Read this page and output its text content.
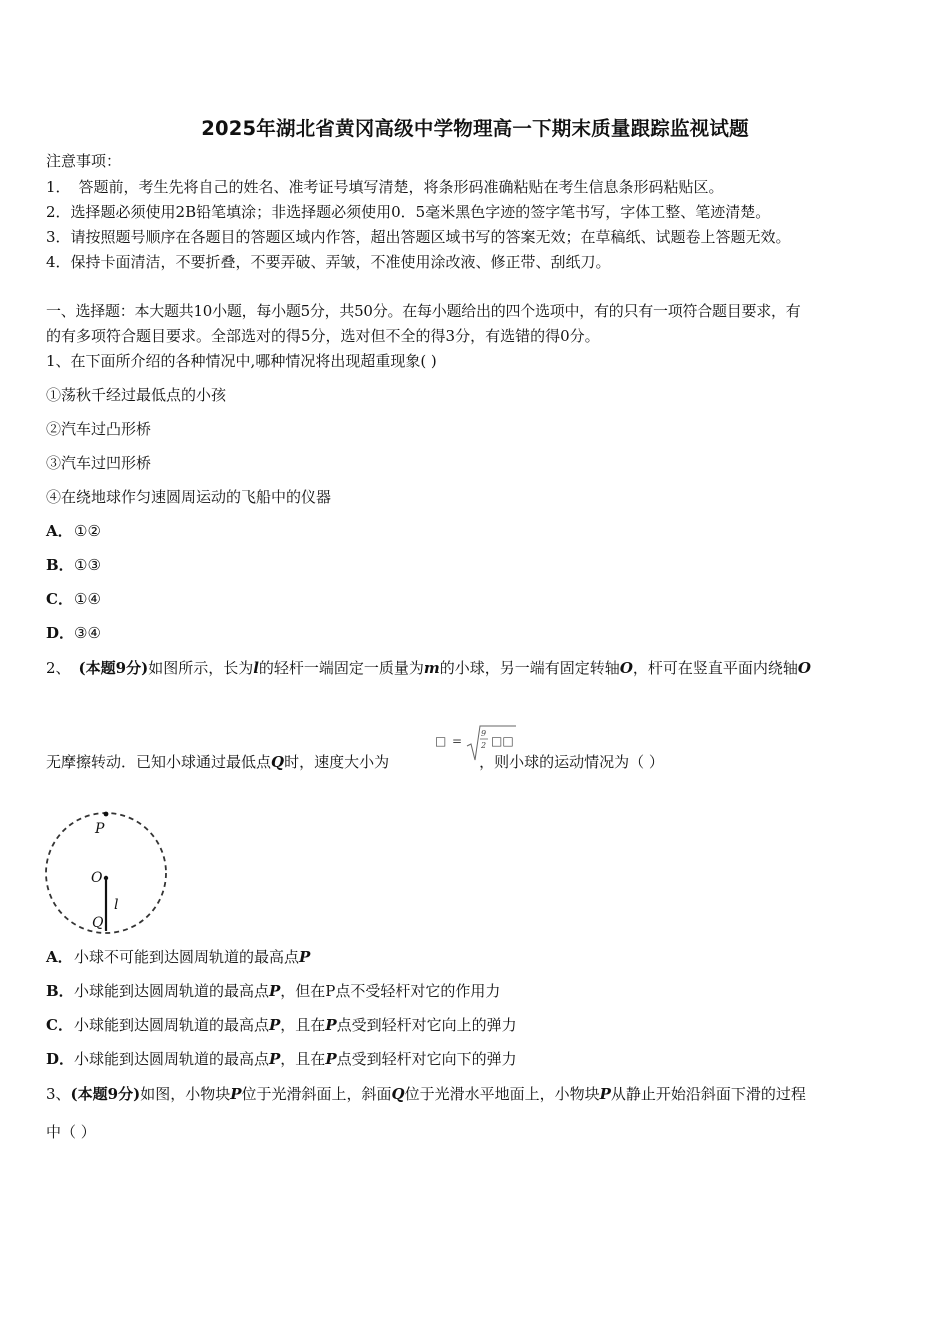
2025年湖北省黄冈高级中学物理高一下期末质量跟踪监视试题
注意事项：
1． 答题前，考生先将自己的姓名、准考证号填写清楚，将条形码准确粘贴在考生信息条形码粘贴区。
2．选择题必须使用2B铅笔填涂；非选择题必须使用0．5毫米黑色字迹的签字笔书写，字体工整、笔迹清楚。
3．请按照题号顺序在各题目的答题区域内作答，超出答题区域书写的答案无效；在草稿纸、试题卷上答题无效。
4．保持卡面清洁，不要折叠，不要弄破、弄皱，不准使用涂改液、修正带、刮纸刀。
一、选择题：本大题共10小题，每小题5分，共50分。在每小题给出的四个选项中，有的只有一项符合题目要求，有
的有多项符合题目要求。全部选对的得5分，选对但不全的得3分，有选错的得0分。
1、在下面所介绍的各种情况中,哪种情况将出现超重现象( )
①荡秋千经过最低点的小孩
②汽车过凸形桥
③汽车过凹形桥
④在绕地球作匀速圆周运动的飞船中的仪器
A．①②
B．①③
C．①④
D．③④
2、 (本题9分)如图所示，长为l的轻杆一端固定一质量为m的小球，另一端有固定转轴O，杆可在竖直平面内绕轴O
□ =
9
2 □□
无摩擦转动．已知小球通过最低点Q时，速度大小为	，则小球的运动情况为（ ）
P
O
l
Q
A．小球不可能到达圆周轨道的最高点P
B．小球能到达圆周轨道的最高点P，但在P点不受轻杆对它的作用力
C．小球能到达圆周轨道的最高点P，且在P点受到轻杆对它向上的弹力
D．小球能到达圆周轨道的最高点P，且在P点受到轻杆对它向下的弹力
3、(本题9分)如图，小物块P位于光滑斜面上，斜面Q位于光滑水平地面上，小物块P从静止开始沿斜面下滑的过程
中（ ）
